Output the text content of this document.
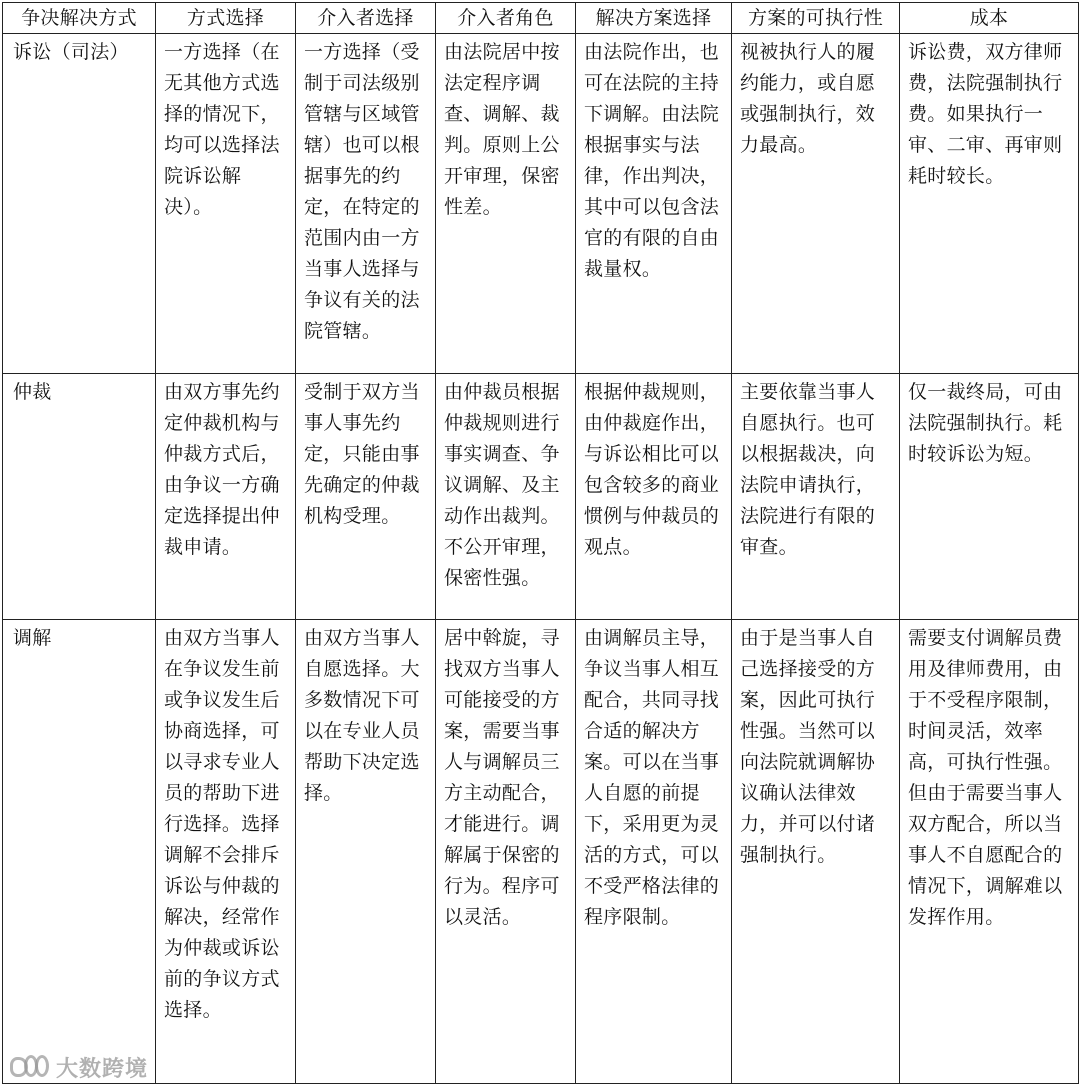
争决解决方式	方式选择	介入者选择	介入者角色	解决方案选择	方案的可执行性	成本
诉讼（司法）	一方选择（在无其他方式选择的情况下，均可以选择法院诉讼解决）。	一方选择（受制于司法级别管辖与区域管辖）也可以根据事先的约定，在特定的范围内由一方当事人选择与争议有关的法院管辖。	由法院居中按法定程序调查、调解、裁判。原则上公开审理，保密性差。	由法院作出，也可在法院的主持下调解。由法院根据事实与法律，作出判决，其中可以包含法官的有限的自由裁量权。	视被执行人的履约能力，或自愿或强制执行，效力最高。	诉讼费，双方律师费，法院强制执行费。如果执行一审、二审、再审则耗时较长。
仲裁	由双方事先约定仲裁机构与仲裁方式后，由争议一方确定选择提出仲裁申请。	受制于双方当事人事先约定，只能由事先确定的仲裁机构受理。	由仲裁员根据仲裁规则进行事实调查、争议调解、及主动作出裁判。不公开审理，保密性强。	根据仲裁规则，由仲裁庭作出，与诉讼相比可以包含较多的商业惯例与仲裁员的观点。	主要依靠当事人自愿执行。也可以根据裁决，向法院申请执行，法院进行有限的审查。	仅一裁终局，可由法院强制执行。耗时较诉讼为短。
调解	由双方当事人在争议发生前或争议发生后协商选择，可以寻求专业人员的帮助下进行选择。选择调解不会排斥诉讼与仲裁的解决，经常作为仲裁或诉讼前的争议方式选择。	由双方当事人自愿选择。大多数情况下可以在专业人员帮助下决定选择。	居中斡旋，寻找双方当事人可能接受的方案，需要当事人与调解员三方主动配合，才能进行。调解属于保密的行为。程序可以灵活。	由调解员主导，争议当事人相互配合，共同寻找合适的解决方案。可以在当事人自愿的前提下，采用更为灵活的方式，可以不受严格法律的程序限制。	由于是当事人自己选择接受的方案，因此可执行性强。当然可以向法院就调解协议确认法律效力，并可以付诸强制执行。	需要支付调解员费用及律师费用，由于不受程序限制，时间灵活，效率高，可执行性强。但由于需要当事人双方配合，所以当事人不自愿配合的情况下，调解难以发挥作用。
大数跨境
